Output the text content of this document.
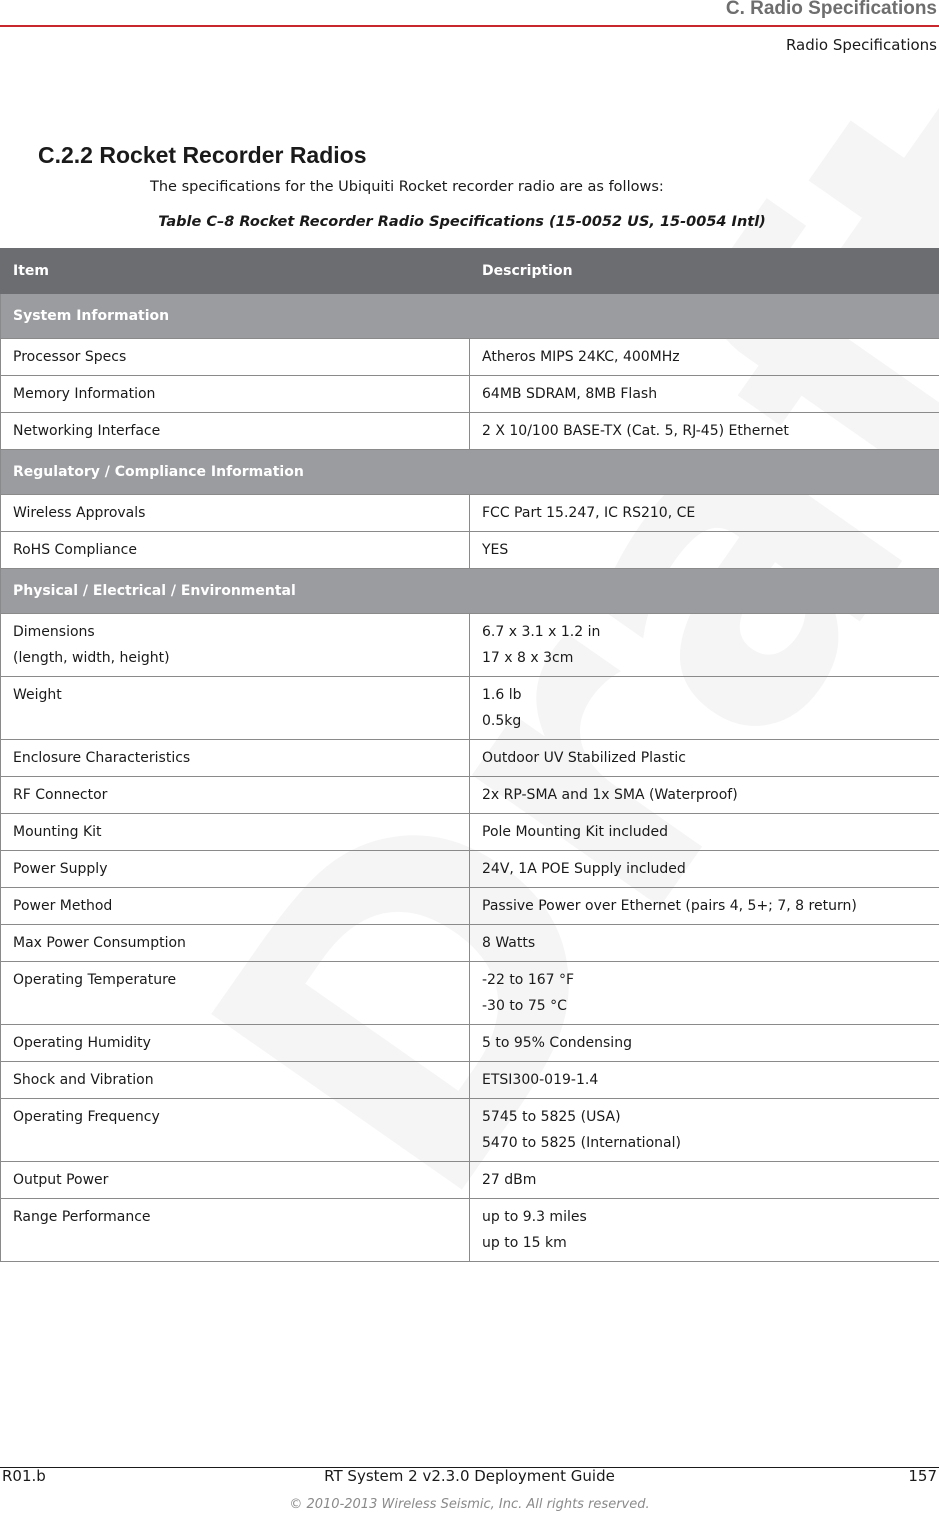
C. Radio Specifications
Radio Specifications
C.2.2 Rocket Recorder Radios
The specifications for the Ubiquiti Rocket recorder radio are as follows:
Table C–8 Rocket Recorder Radio Specifications (15-0052 US, 15-0054 Intl)
Item	Description
System Information	

Processor Specs	Atheros MIPS 24KC, 400MHz

Memory Information	64MB SDRAM, 8MB Flash

Networking Interface	2 X 10/100 BASE-TX (Cat. 5, RJ-45) Ethernet

Regulatory / Compliance Information	

Wireless Approvals	FCC Part 15.247, IC RS210, CE

RoHS Compliance	YES

Physical / Electrical / Environmental	

Dimensions
(length, width, height)	6.7 x 3.1 x 1.2 in
17 x 8 x 3cm

Weight	1.6 lb
0.5kg

Enclosure Characteristics	Outdoor UV Stabilized Plastic

RF Connector	2x RP-SMA and 1x SMA (Waterproof)

Mounting Kit	Pole Mounting Kit included

Power Supply	24V, 1A POE Supply included

Power Method	Passive Power over Ethernet (pairs 4, 5+; 7, 8 return)

Max Power Consumption	8 Watts

Operating Temperature	-22 to 167 °F
-30 to 75 °C

Operating Humidity	5 to 95% Condensing

Shock and Vibration	ETSI300-019-1.4

Operating Frequency	5745 to 5825 (USA)
5470 to 5825 (International)

Output Power	27 dBm

Range Performance	up to 9.3 miles
up to 15 km
R01.b	RT System 2 v2.3.0 Deployment Guide	157
© 2010-2013 Wireless Seismic, Inc. All rights reserved.
